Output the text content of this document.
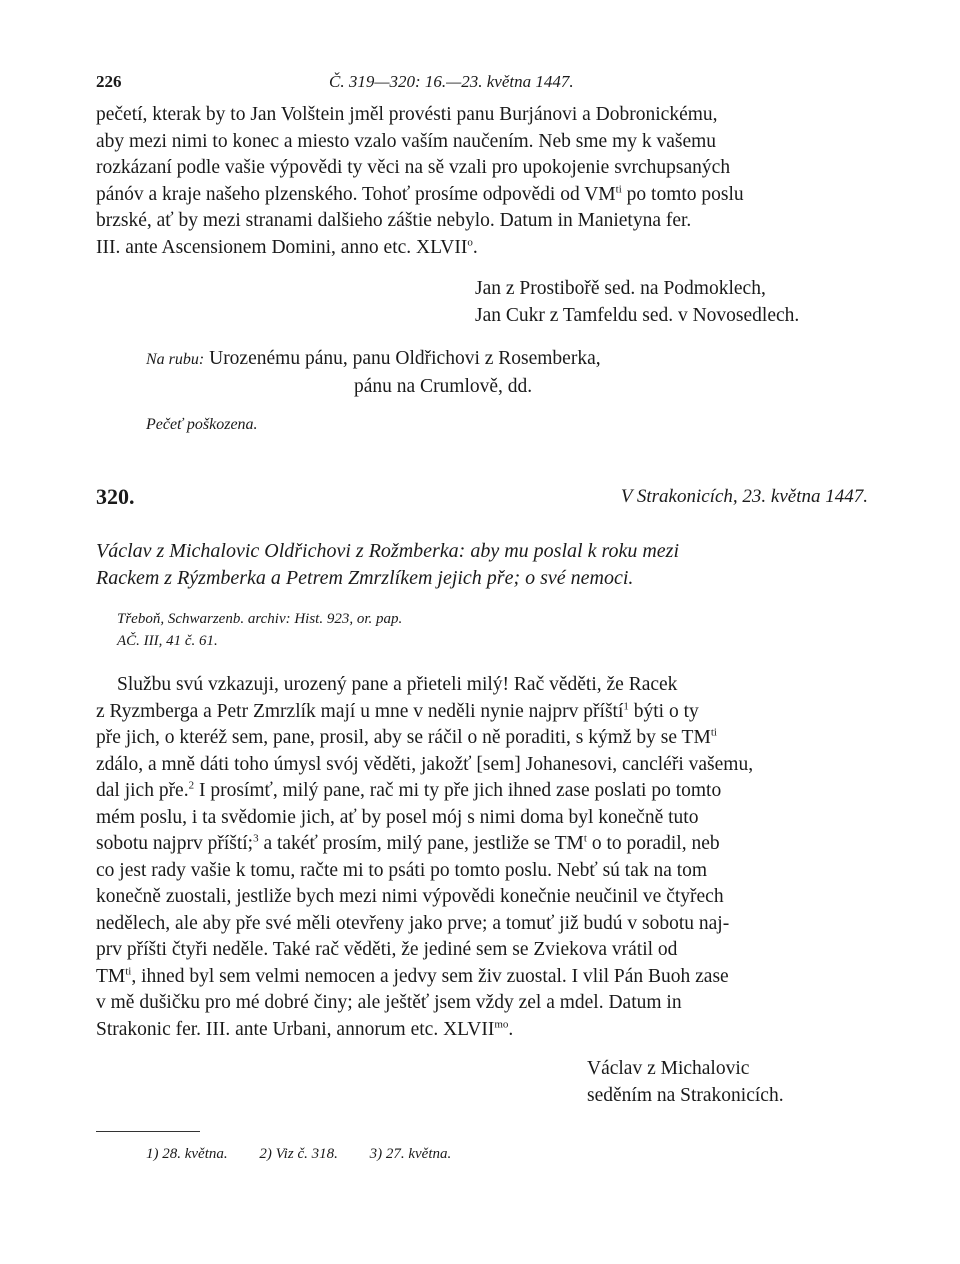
226	Č. 319—320: 16.—23. května 1447.

pečetí, kterak by to Jan Volštein jměl provésti panu Burjánovi a Dobronickému,

aby mezi nimi to konec a miesto vzalo vaším naučením. Neb sme my k vašemu

rozkázaní podle vašie výpovědi ty věci na sě vzali pro upokojenie svrchupsaných

pánóv a kraje našeho plzenského. Tohoť prosíme odpovědi od $VM^{ti}$ po tomto poslu

brzské, ať by mezi stranami dalšieho záštie nebylo. Datum in Manietyna fer.

III. ante Ascensionem Domini, anno etc. XLVII$^o$.

Jan z Prostibořě sed. na Podmoklech,

Jan Cukr z Tamfeldu sed. v Novosedlech.

Na rubu: Urozenému pánu, panu Oldřichovi z Rosemberka,

pánu na Crumlově, dd.

Pečeť poškozena.

320.	V Strakonicích, 23. května 1447.

Václav z Michalovic Oldřichovi z Rožmberka: aby mu poslal k roku mezi

Rackem z Rýzmberka a Petrem Zmrzlíkem jejich pře; o své nemoci.

Třeboň, Schwarzenb. archiv: Hist. 923, or. pap.

AČ. III, 41 č. 61.

Službu svú vzkazuji, urozený pane a přieteli milý! Rač věděti, že Racek

z Ryzmberga a Petr Zmrzlík mají u mne v neděli nynie najprv příští$^1$ býti o ty

pře jich, o kteréž sem, pane, prosil, aby se ráčil o ně poraditi, s kýmž by se $TM^{ti}$

zdálo, a mně dáti toho úmysl svój věděti, jakožť [sem] Johanesovi, cancléři vašemu,

dal jich pře.$^2$ I prosímť, milý pane, rač mi ty pře jich ihned zase poslati po tomto

mém poslu, i ta svědomie jich, ať by posel mój s nimi doma byl konečně tuto

sobotu najprv příští;$^3$ a takéť prosím, milý pane, jestliže se $TM^t$ o to poradil, neb

co jest rady vašie k tomu, račte mi to psáti po tomto poslu. Nebť sú tak na tom

konečně zuostali, jestliže bych mezi nimi výpovědi konečnie neučinil ve čtyřech

nedělech, ale aby pře své měli otevřeny jako prve; a tomuť již budú v sobotu naj-

prv příšti čtyři neděle. Také rač věděti, že jediné sem se Zviekova vrátil od

$TM^{ti}$, ihned byl sem velmi nemocen a jedvy sem živ zuostal. I vlil Pán Buoh zase

v mě dušičku pro mé dobré činy; ale ještěť jsem vždy zel a mdel. Datum in

Strakonic fer. III. ante Urbani, annorum etc. $XLVII^{mo}$.

Václav z Michalovic

seděním na Strakonicích.

1) 28. května. 2) Viz č. 318. 3) 27. května.
